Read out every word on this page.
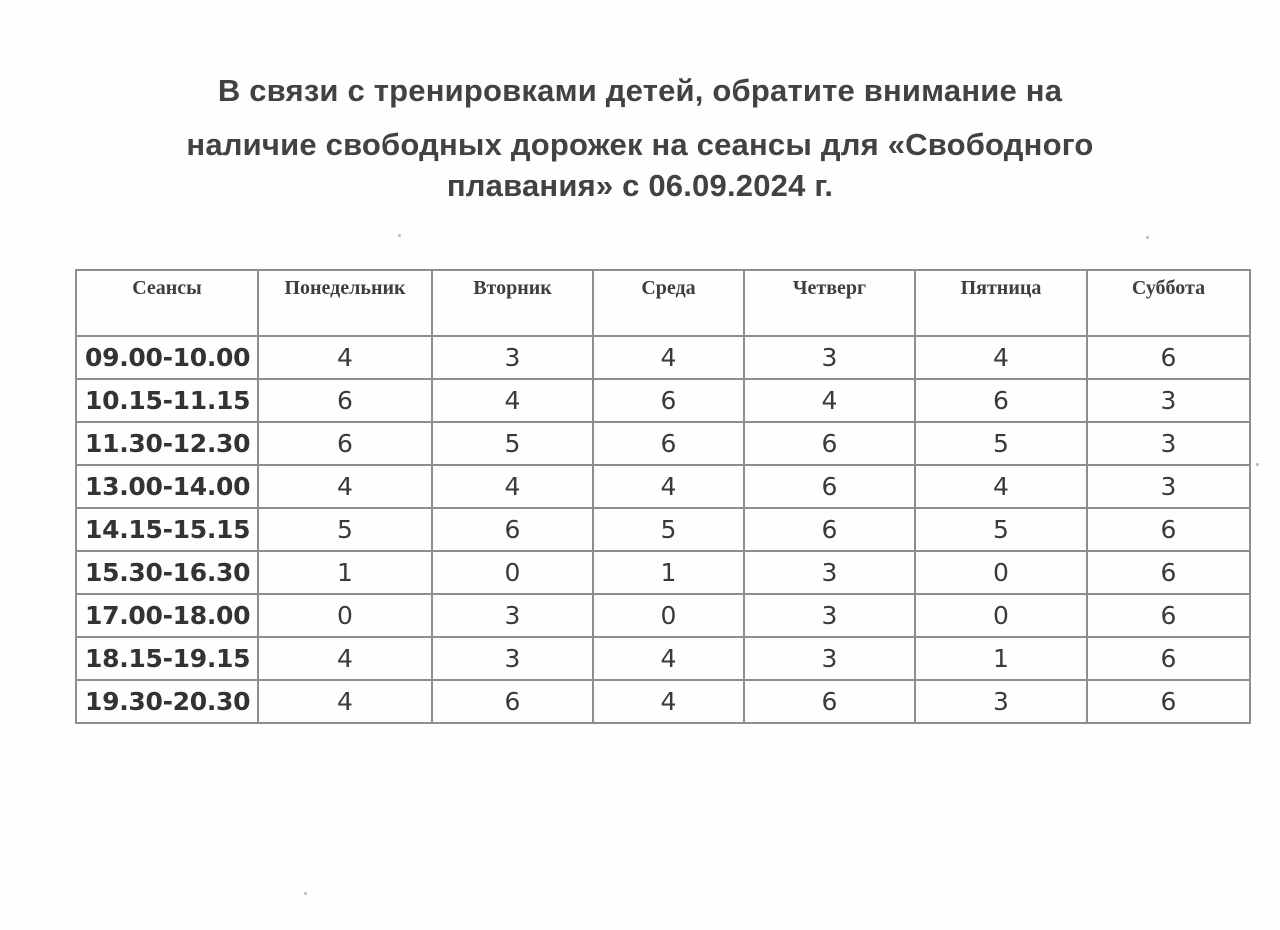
В связи с тренировками детей, обратите внимание на
наличие свободных дорожек на сеансы для «Свободного
плавания» с 06.09.2024 г.
Сеансы	Понедельник	Вторник	Среда	Четверг	Пятница	Суббота
09.00-10.00	4	3	4	3	4	6
10.15-11.15	6	4	6	4	6	3
11.30-12.30	6	5	6	6	5	3
13.00-14.00	4	4	4	6	4	3
14.15-15.15	5	6	5	6	5	6
15.30-16.30	1	0	1	3	0	6
17.00-18.00	0	3	0	3	0	6
18.15-19.15	4	3	4	3	1	6
19.30-20.30	4	6	4	6	3	6
